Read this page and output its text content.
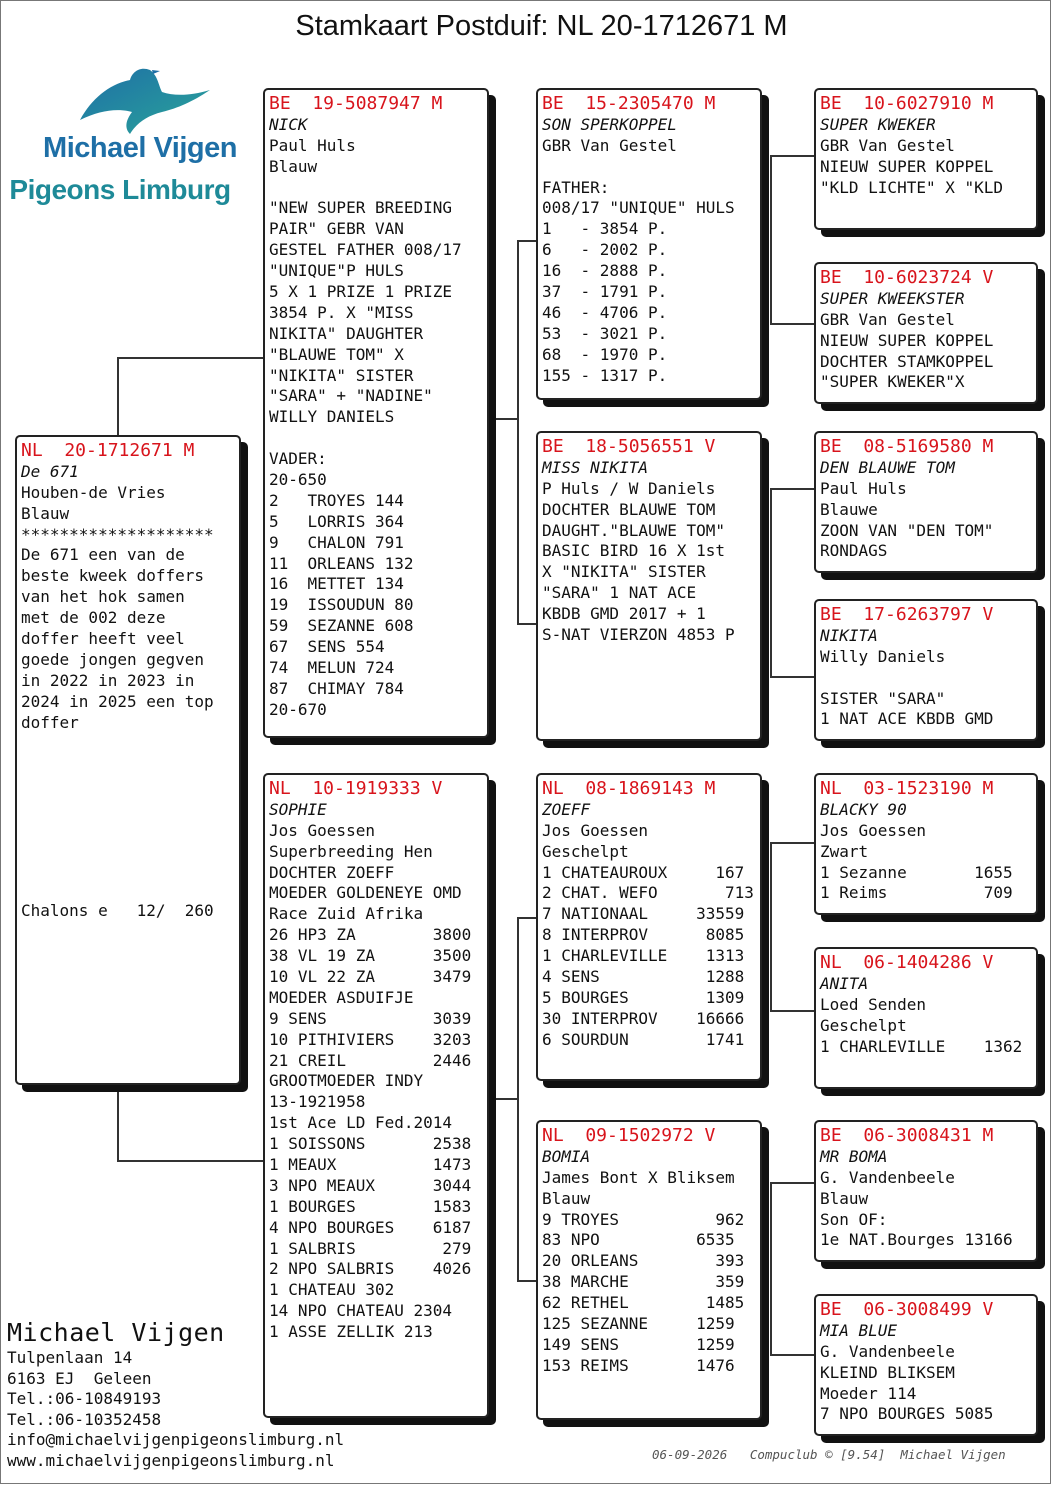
Stamkaart Postduif: NL 20-1712671 M
Michael Vijgen
Pigeons Limburg
NL  20-1712671 M
De 671
Houben-de Vries
Blauw
********************
De 671 een van de
beste kweek doffers
van het hok samen
met de 002 deze
doffer heeft veel
goede jongen gegven
in 2022 in 2023 in
2024 in 2025 een top
doffer
Chalons e   12/  260
BE  19-5087947 M
NICK
Paul Huls
Blauw
"NEW SUPER BREEDING
PAIR" GEBR VAN
GESTEL FATHER 008/17
"UNIQUE"P HULS
5 X 1 PRIZE 1 PRIZE
3854 P. X "MISS
NIKITA" DAUGHTER
"BLAUWE TOM" X
"NIKITA" SISTER
"SARA" + "NADINE"
WILLY DANIELS
VADER:
20-650
2   TROYES 144
5   LORRIS 364
9   CHALON 791
11  ORLEANS 132
16  METTET 134
19  ISSOUDUN 80
59  SEZANNE 608
67  SENS 554
74  MELUN 724
87  CHIMAY 784
20-670
NL  10-1919333 V
SOPHIE
Jos Goessen
Superbreeding Hen
DOCHTER ZOEFF
MOEDER GOLDENEYE OMD
Race Zuid Afrika
26 HP3 ZA        3800
38 VL 19 ZA      3500
10 VL 22 ZA      3479
MOEDER ASDUIFJE
9 SENS           3039
10 PITHIVIERS    3203
21 CREIL         2446
GROOTMOEDER INDY
13-1921958
1st Ace LD Fed.2014
1 SOISSONS       2538
1 MEAUX          1473
3 NPO MEAUX      3044
1 BOURGES        1583
4 NPO BOURGES    6187
1 SALBRIS         279
2 NPO SALBRIS    4026
1 CHATEAU 302
14 NPO CHATEAU 2304
1 ASSE ZELLIK 213
BE  15-2305470 M
SON SPERKOPPEL
GBR Van Gestel
FATHER:
008/17 "UNIQUE" HULS
1   - 3854 P.
6   - 2002 P.
16  - 2888 P.
37  - 1791 P.
46  - 4706 P.
53  - 3021 P.
68  - 1970 P.
155 - 1317 P.
BE  18-5056551 V
MISS NIKITA
P Huls / W Daniels
DOCHTER BLAUWE TOM
DAUGHT."BLAUWE TOM"
BASIC BIRD 16 X 1st
X "NIKITA" SISTER
"SARA" 1 NAT ACE
KBDB GMD 2017 + 1
S-NAT VIERZON 4853 P
NL  08-1869143 M
ZOEFF
Jos Goessen
Geschelpt
1 CHATEAUROUX     167
2 CHAT. WEFO       713
7 NATIONAAL     33559
8 INTERPROV      8085
1 CHARLEVILLE    1313
4 SENS           1288
5 BOURGES        1309
30 INTERPROV    16666
6 SOURDUN        1741
NL  09-1502972 V
BOMIA
James Bont X Bliksem
Blauw
9 TROYES          962
83 NPO          6535
20 ORLEANS        393
38 MARCHE         359
62 RETHEL        1485
125 SEZANNE     1259
149 SENS        1259
153 REIMS       1476
BE  10-6027910 M
SUPER KWEKER
GBR Van Gestel
NIEUW SUPER KOPPEL
"KLD LICHTE" X "KLD
BE  10-6023724 V
SUPER KWEEKSTER
GBR Van Gestel
NIEUW SUPER KOPPEL
DOCHTER STAMKOPPEL
"SUPER KWEKER"X
BE  08-5169580 M
DEN BLAUWE TOM
Paul Huls
Blauwe
ZOON VAN "DEN TOM"
RONDAGS
BE  17-6263797 V
NIKITA
Willy Daniels
SISTER "SARA"
1 NAT ACE KBDB GMD
NL  03-1523190 M
BLACKY 90
Jos Goessen
Zwart
1 Sezanne       1655
1 Reims          709
NL  06-1404286 V
ANITA
Loed Senden
Geschelpt
1 CHARLEVILLE    1362
BE  06-3008431 M
MR BOMA
G. Vandenbeele
Blauw
Son OF:
1e NAT.Bourges 13166
BE  06-3008499 V
MIA BLUE
G. Vandenbeele
KLEIND BLIKSEM
Moeder 114
7 NPO BOURGES 5085
Michael Vijgen
Tulpenlaan 14
6163 EJ  Geleen
Tel.:06-10849193
Tel.:06-10352458
info@michaelvijgenpigeonslimburg.nl
www.michaelvijgenpigeonslimburg.nl	06-09-2026   Compuclub © [9.54]  Michael Vijgen
